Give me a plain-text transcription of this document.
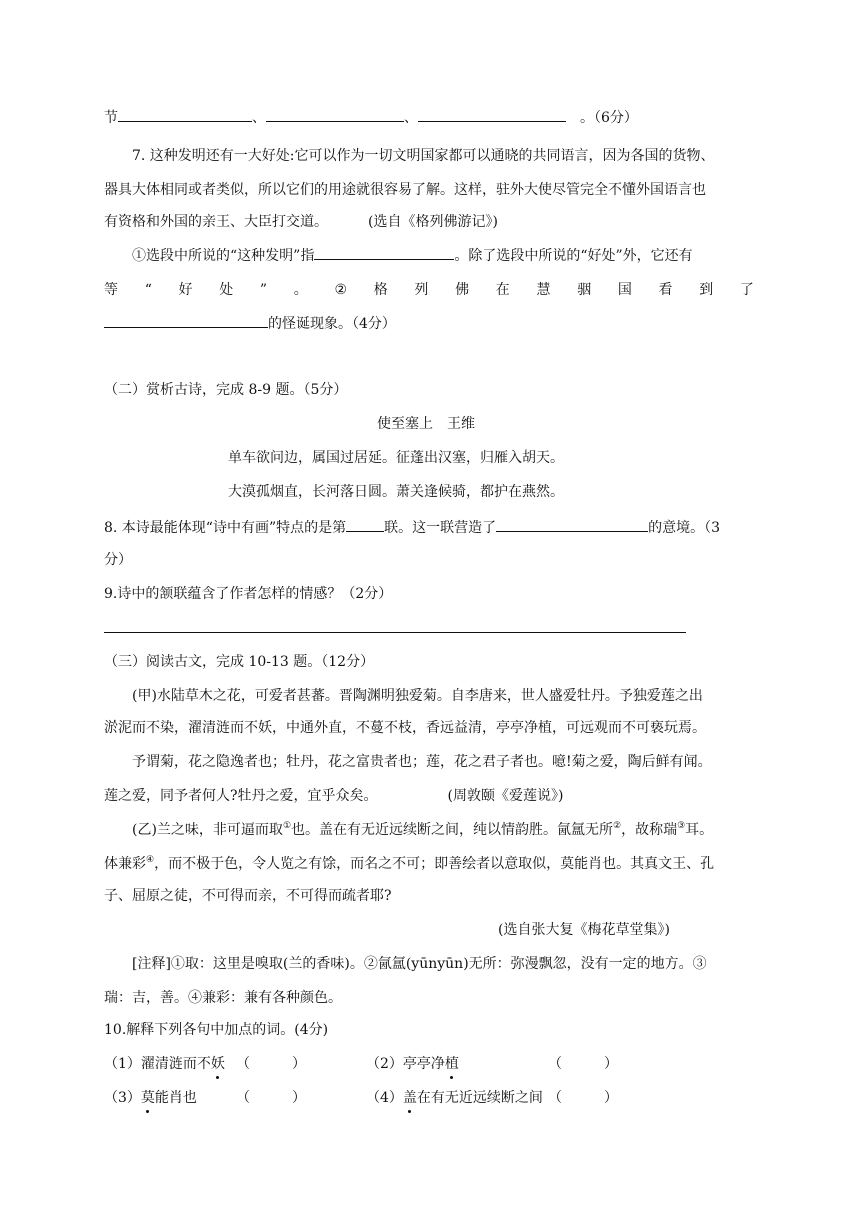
节	、	、	。（6分）
7. 这种发明还有一大好处:它可以作为一切文明国家都可以通晓的共同语言，因为各国的货物、
器具大体相同或者类似，所以它们的用途就很容易了解。这样，驻外大使尽管完全不懂外国语言也
有资格和外国的亲王、大臣打交道。	(选自《格列佛游记》)
①选段中所说的“这种发明”指	。除了选段中所说的“好处”外，它还有
等 “ 好 处 ” 。 ② 格 列 佛 在 慧 骃 国 看 到 了
的怪诞现象。（4分）
（二）赏析古诗，完成 8-9 题。（5分）
使至塞上 王维
单车欲问边，属国过居延。征蓬出汉塞，归雁入胡天。
大漠孤烟直，长河落日圆。萧关逢候骑，都护在燕然。
8. 本诗最能体现“诗中有画”特点的是第	联。这一联营造了	的意境。（3
分）
9.诗中的颔联蕴含了作者怎样的情感？（2分）
（三）阅读古文，完成 10-13 题。（12分）
(甲)水陆草木之花，可爱者甚蕃。晋陶渊明独爱菊。自李唐来，世人盛爱牡丹。予独爱莲之出
淤泥而不染，濯清涟而不妖，中通外直，不蔓不枝，香远益清，亭亭净植，可远观而不可亵玩焉。
予谓菊，花之隐逸者也；牡丹，花之富贵者也；莲，花之君子者也。噫!菊之爱，陶后鲜有闻。
莲之爱，同予者何人?牡丹之爱，宜乎众矣。	(周敦颐《爱莲说》)
(乙)兰之味，非可逼而取①也。盖在有无近远续断之间，纯以情韵胜。氤氲无所②，故称瑞③耳。
体兼彩④，而不极于色，令人览之有馀，而名之不可；即善绘者以意取似，莫能肖也。其真文王、孔
子、屈原之徒，不可得而亲，不可得而疏者耶?
(选自张大复《梅花草堂集》)
[注释]①取：这里是嗅取(兰的香味)。②氤氲(yūnyūn)无所：弥漫飘忽，没有一定的地方。③
瑞：吉，善。④兼彩：兼有各种颜色。
10.解释下列各句中加点的词。(4分)
（1）濯清涟而不妖 （　　　）	（2）亭亭净植	（　　　）
（3）莫能肖也	（　　　）	（4）盖在有无近远续断之间 （　　　）
